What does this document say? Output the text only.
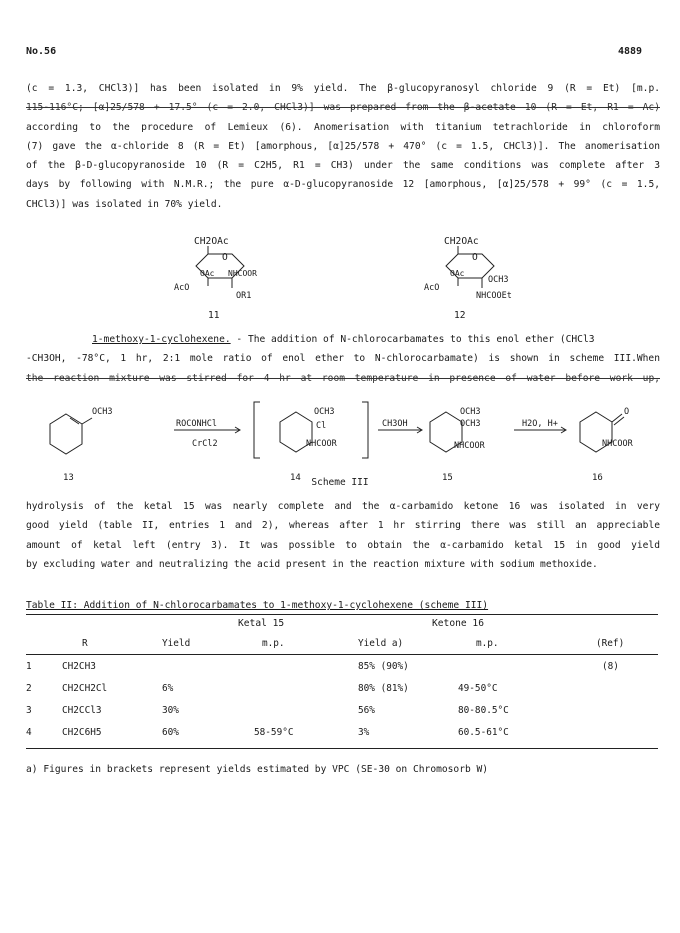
No.56	4889

(c = 1.3, CHCl3)] has been isolated in 9% yield. The β-glucopyranosyl chloride 9 (R = Et) [m.p.

115-116°C; [α]25/578 + 17.5° (c = 2.0, CHCl3)] was prepared from the β-acetate 10 (R = Et, R1 = Ac)

according to the procedure of Lemieux (6). Anomerisation with titanium tetrachloride in chloroform

(7) gave the α-chloride 8 (R = Et) [amorphous, [α]25/578 + 470° (c = 1.5, CHCl3)]. The anomerisation

of the β-D-glucopyranoside 10 (R = C2H5, R1 = CH3) under the same conditions was complete after 3

days by following with N.M.R.; the pure α-D-glucopyranoside 12 [amorphous, [α]25/578 + 99° (c = 1.5,

CHCl3)] was isolated in 70% yield.

CH2OAc
O
OAc NHCOOR
AcO
OR1
11
CH2OAc
O
OAc
OCH3
AcO
NHCOOEt
12

1-methoxy-1-cyclohexene. - The addition of N-chlorocarbamates to this enol ether (CHCl3

-CH3OH, -78°C, 1 hr, 2:1 mole ratio of enol ether to N-chlorocarbamate) is shown in scheme III.When

the reaction mixture was stirred for 4 hr at room temperature in presence of water before work up,

OCH3
13
ROCONHCl
CrCl2
OCH3
Cl
NHCOOR
14
CH3OH
OCH3
OCH3
NHCOOR
15
H2O, H+
O
NHCOOR
16
Scheme III

hydrolysis of the ketal 15 was nearly complete and the α-carbamido ketone 16 was isolated in very

good yield (table II, entries 1 and 2), whereas after 1 hr stirring there was still an appreciable

amount of ketal left (entry 3). It was possible to obtain the α-carbamido ketal 15 in good yield

by excluding water and neutralizing the acid present in the reaction mixture with sodium methoxide.

Table II: Addition of N-chlorocarbamates to 1-methoxy-1-cyclohexene (scheme III)
Ketal 15	Ketone 16
	R	Yield	m.p.	Yield a)	m.p.	(Ref)
1	CH2CH3			85% (90%)		(8)
2	CH2CH2Cl	6%		80% (81%)	49-50°C	
3	CH2CCl3	30%		56%	80-80.5°C	
4	CH2C6H5	60%	58-59°C	3%	60.5-61°C	
a) Figures in brackets represent yields estimated by VPC (SE-30 on Chromosorb W)
